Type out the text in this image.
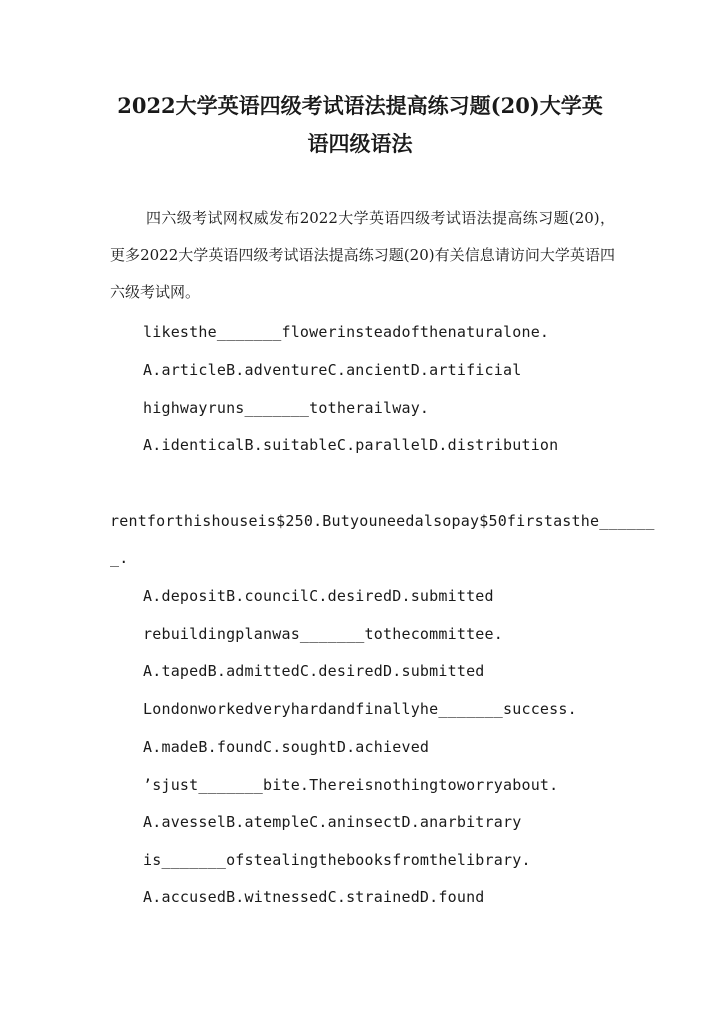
2022大学英语四级考试语法提高练习题(20)大学英
语四级语法
四六级考试网权威发布2022大学英语四级考试语法提高练习题(20)，更多2022大学英语四级考试语法提高练习题(20)有关信息请访问大学英语四六级考试网。
likesthe_______flowerinsteadofthenaturalone.
A.articleB.adventureC.ancientD.artificial
highwayruns_______totherailway.
A.identicalB.suitableC.parallelD.distribution
rentforthishouseis$250.Butyouneedalsopay$50firstasthe______
_.
A.depositB.councilC.desiredD.submitted
rebuildingplanwas_______tothecommittee.
A.tapedB.admittedC.desiredD.submitted
Londonworkedveryhardandfinallyhe_______success.
A.madeB.foundC.soughtD.achieved
’sjust_______bite.Thereisnothingtoworryabout.
A.avesselB.atempleC.aninsectD.anarbitrary
is_______ofstealingthebooksfromthelibrary.
A.accusedB.witnessedC.strainedD.found
